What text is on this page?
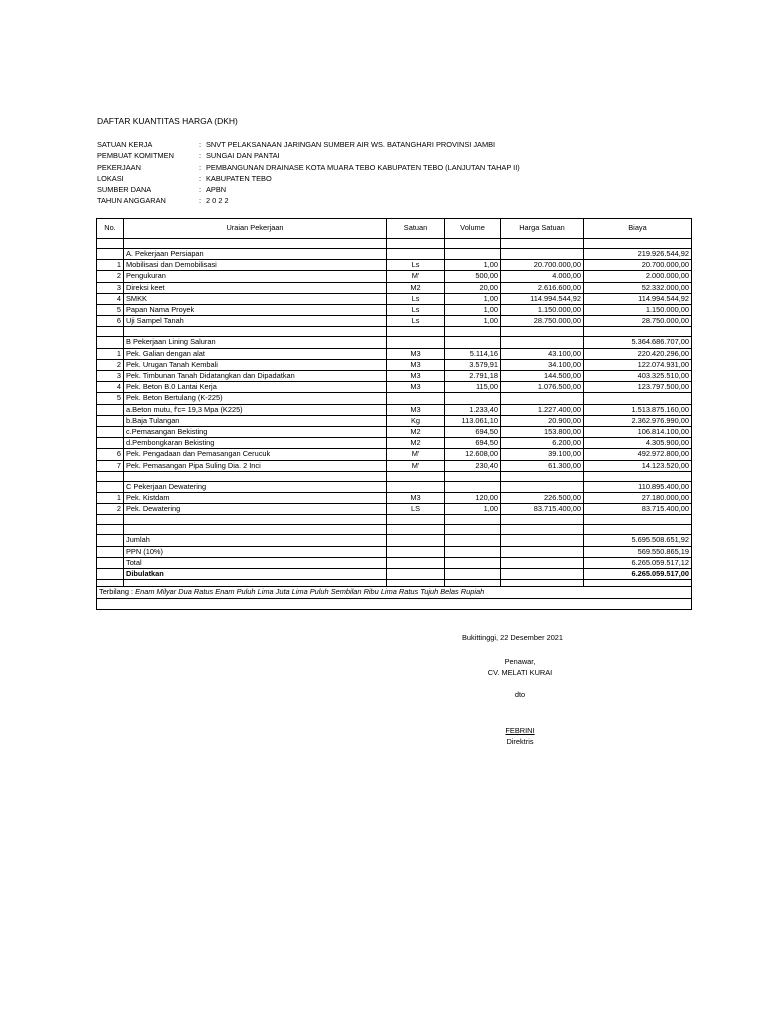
DAFTAR KUANTITAS HARGA (DKH)
SATUAN KERJA	: SNVT PELAKSANAAN JARINGAN SUMBER AIR WS. BATANGHARI PROVINSI JAMBI
PEMBUAT KOMITMEN	: SUNGAI DAN PANTAI
PEKERJAAN	: PEMBANGUNAN DRAINASE KOTA MUARA TEBO KABUPATEN TEBO (LANJUTAN TAHAP II)
LOKASI	: KABUPATEN TEBO
SUMBER DANA	: APBN
TAHUN ANGGARAN	: 2 0 2 2
No.	Uraian Pekerjaan	Satuan	Volume	Harga Satuan	Biaya

	A. Pekerjaan Persiapan				219.926.544,92
1	Mobilisasi dan Demobilisasi	Ls	1,00	20.700.000,00	20.700.000,00
2	Pengukuran	M'	500,00	4.000,00	2.000.000,00
3	Direksi keet	M2	20,00	2.616.600,00	52.332.000,00
4	SMKK	Ls	1,00	114.994.544,92	114.994.544,92
5	Papan Nama Proyek	Ls	1,00	1.150.000,00	1.150.000,00
6	Uji Sampel Tanah	Ls	1,00	28.750.000,00	28.750.000,00

	B Pekerjaan Lining Saluran				5.364.686.707,00
1	Pek. Galian dengan alat	M3	5.114,16	43.100,00	220.420.296,00
2	Pek. Urugan Tanah Kembali	M3	3.579,91	34.100,00	122.074.931,00
3	Pek. Timbunan Tanah Didatangkan dan Dipadatkan	M3	2.791,18	144.500,00	403.325.510,00
4	Pek. Beton B.0 Lantai Kerja	M3	115,00	1.076.500,00	123.797.500,00
5	Pek. Beton Bertulang (K-225)				
	a.Beton mutu, f'c= 19,3 Mpa (K225)	M3	1.233,40	1.227.400,00	1.513.875.160,00
	b.Baja Tulangan	Kg	113.061,10	20.900,00	2.362.976.990,00
	c.Pemasangan Bekisting	M2	694,50	153.800,00	106.814.100,00
	d.Pembongkaran Bekisting	M2	694,50	6.200,00	4.305.900,00
6	Pek. Pengadaan dan Pemasangan Cerucuk	M'	12.608,00	39.100,00	492.972.800,00
7	Pek. Pemasangan Pipa Suling Dia. 2 Inci	M'	230,40	61.300,00	14.123.520,00

	C Pekerjaan Dewatering				110.895.400,00
1	Pek. Kistdam	M3	120,00	226.500,00	27.180.000,00
2	Pek. Dewatering	LS	1,00	83.715.400,00	83.715.400,00

	Jumlah				5.695.508.651,92
	PPN (10%)				569.550.865,19
	Total				6.265.059.517,12
	Dibulatkan				6.265.059.517,00

Terbilang : Enam Milyar Dua Ratus Enam Puluh Lima Juta Lima Puluh Sembilan Ribu Lima Ratus Tujuh Belas Rupiah					

Bukittinggi, 22 Desember 2021
Penawar,
CV. MELATI KURAI
dto
FEBRINI
Direktris
